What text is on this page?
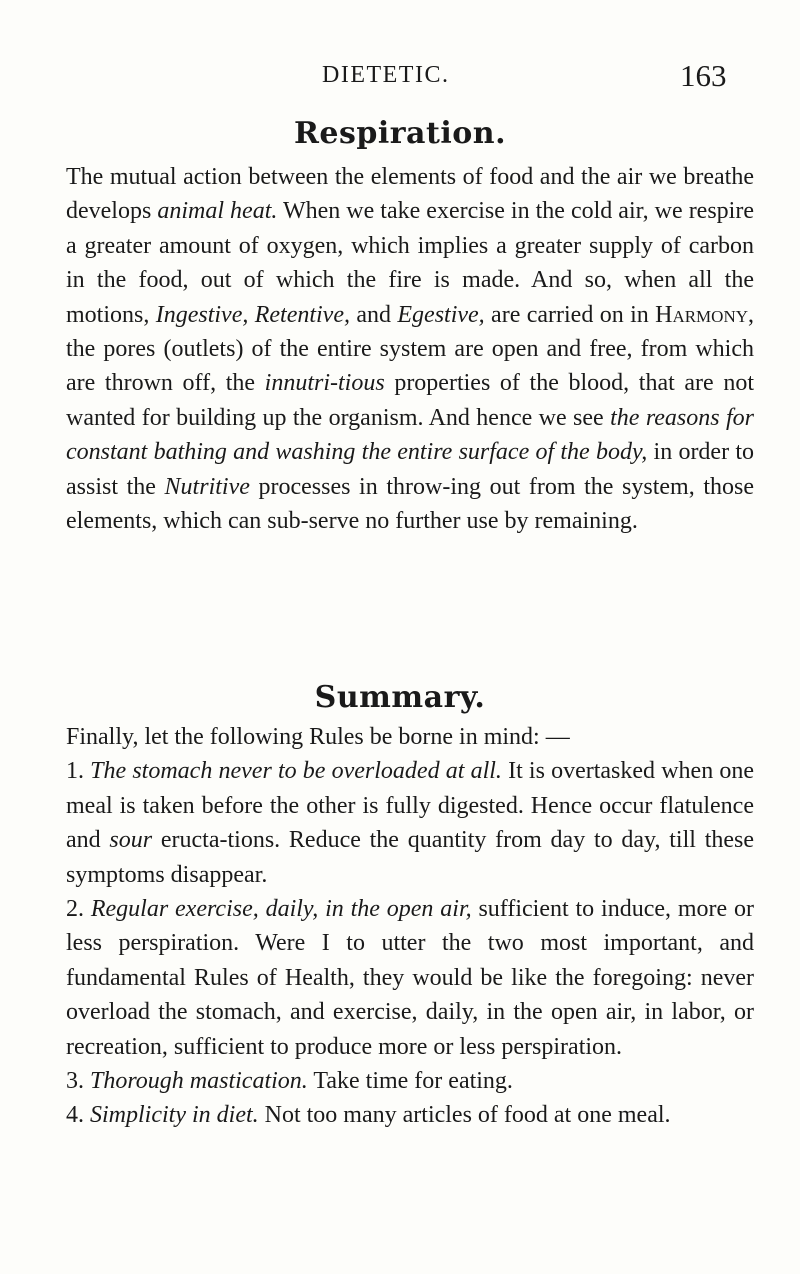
DIETETIC.	163
Respiration.

The mutual action between the elements of food and the air we breathe develops animal heat. When we take exercise in the cold air, we respire a greater amount of oxygen, which implies a greater supply of carbon in the food, out of which the fire is made. And so, when all the motions, Ingestive, Retentive, and Egestive, are carried on in Harmony, the pores (outlets) of the entire system are open and free, from which are thrown off, the innutri-tious properties of the blood, that are not wanted for building up the organism. And hence we see the reasons for constant bathing and washing the entire surface of the body, in order to assist the Nutritive processes in throw-ing out from the system, those elements, which can sub-serve no further use by remaining.

Summary.

Finally, let the following Rules be borne in mind: —

1. The stomach never to be overloaded at all. It is overtasked when one meal is taken before the other is fully digested. Hence occur flatulence and sour eructa-tions. Reduce the quantity from day to day, till these symptoms disappear.

2. Regular exercise, daily, in the open air, sufficient to induce, more or less perspiration. Were I to utter the two most important, and fundamental Rules of Health, they would be like the foregoing: never overload the stomach, and exercise, daily, in the open air, in labor, or recreation, sufficient to produce more or less perspiration.

3. Thorough mastication. Take time for eating.

4. Simplicity in diet. Not too many articles of food at one meal.
